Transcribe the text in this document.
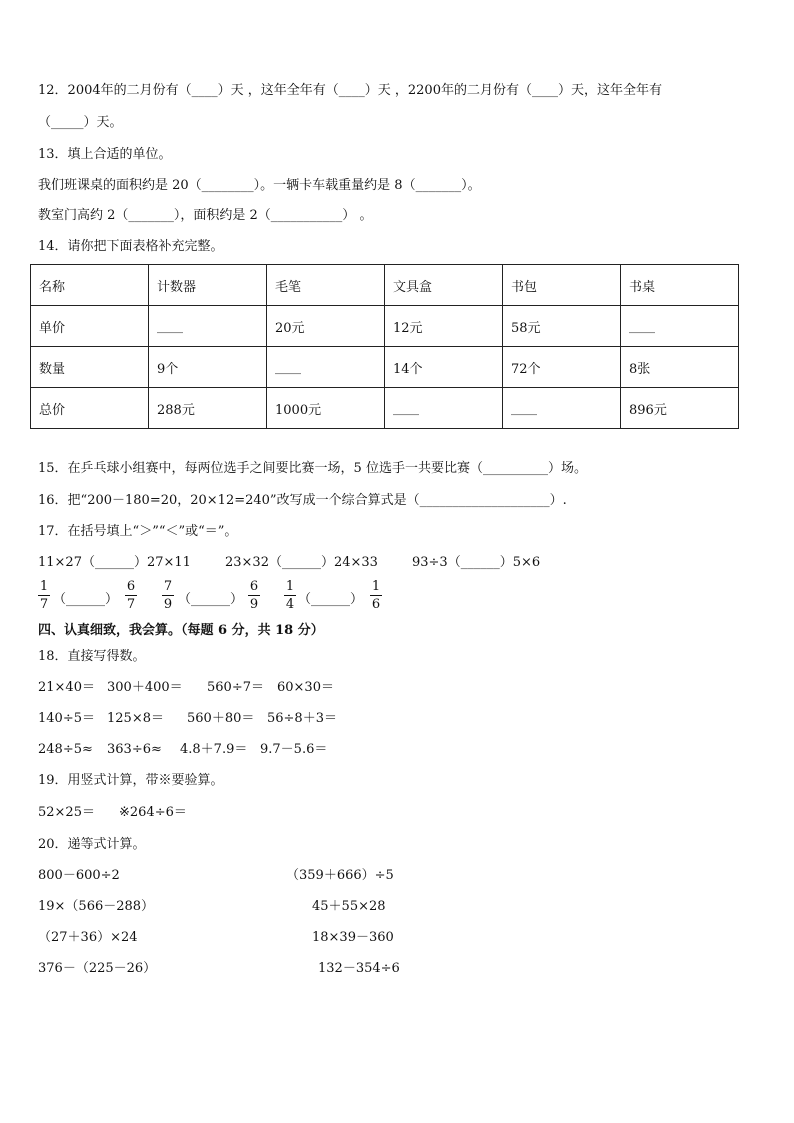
12．2004年的二月份有（____）天 ，这年全年有（____）天 ，2200年的二月份有（____）天，这年全年有
（_____）天。
13．填上合适的单位。
我们班课桌的面积约是 20（________）。一辆卡车载重量约是 8（_______）。
教室门高约 2（_______），面积约是 2（___________） 。
14．请你把下面表格补充完整。
名称	计数器	毛笔	文具盒	书包	书桌
单价	____	20元	12元	58元	____
数量	9个	____	14个	72个	8张
总价	288元	1000元	____	____	896元
15．在乒乓球小组赛中，每两位选手之间要比赛一场，5 位选手一共要比赛（__________）场。
16．把“200－180=20，20×12=240”改写成一个综合算式是（____________________）.
17．在括号填上“＞”“＜”或“＝”。
11×27（______）27×11	23×32（______）24×33	93÷3（______）5×6
1
7 （______）
6
7
7
9 （______）
6
9
1
4 （______）
1
6
四、认真细致，我会算。（每题 6 分，共 18 分）
18．直接写得数。
21×40＝ 300＋400＝ 560÷7＝ 60×30＝
140÷5＝ 125×8＝ 560＋80＝ 56÷8＋3＝
248÷5≈ 363÷6≈ 4.8＋7.9＝ 9.7－5.6＝
19．用竖式计算，带※要验算。
52×25＝ ※264÷6＝
20．递等式计算。
800－600÷2	（359＋666）÷5
19×（566－288）	45＋55×28
（27＋36）×24	18×39－360
376－（225－26）	132－354÷6
